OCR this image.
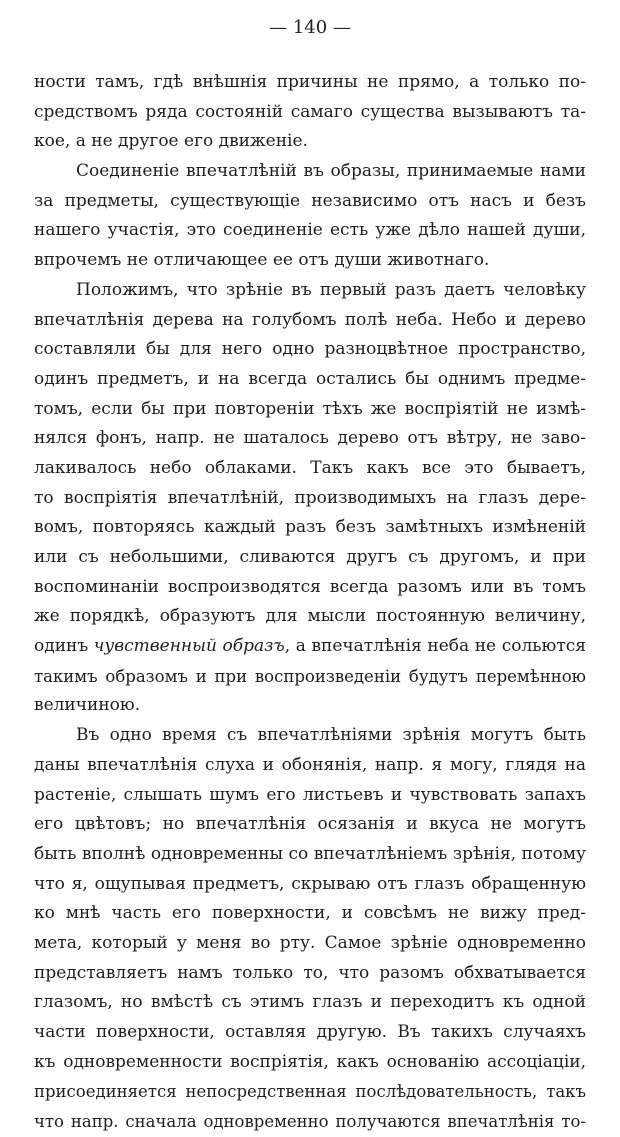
— 140 —
ности тамъ, гдѣ внѣшнія причины не прямо, а только по-
средствомъ ряда состояній самаго существа вызываютъ та-
кое, а не другое его движеніе.
Соединеніе впечатлѣній въ образы, принимаемые нами
за предметы, существующіе независимо отъ насъ и безъ
нашего участія, это соединеніе есть уже дѣло нашей души,
впрочемъ не отличающее ее отъ души животнаго.
Положимъ, что зрѣніе въ первый разъ даетъ человѣку
впечатлѣнія дерева на голубомъ полѣ неба. Небо и дерево
составляли бы для него одно разноцвѣтное пространство,
одинъ предметъ, и на всегда остались бы однимъ предме-
томъ, если бы при повтореніи тѣхъ же воспріятій не измѣ-
нялся фонъ, напр. не шаталось дерево отъ вѣтру, не заво-
лакивалось небо облаками. Такъ какъ все это бываетъ,
то воспріятія впечатлѣній, производимыхъ на глазъ дере-
вомъ, повторяясь каждый разъ безъ замѣтныхъ измѣненій
или съ небольшими, сливаются другъ съ другомъ, и при
воспоминаніи воспроизводятся всегда разомъ или въ томъ
же порядкѣ, образуютъ для мысли постоянную величину,
одинъ чувственный образъ, а впечатлѣнія неба не сольются
такимъ образомъ и при воспроизведеніи будутъ перемѣнною
величиною.
Въ одно время съ впечатлѣніями зрѣнія могутъ быть
даны впечатлѣнія слуха и обонянія, напр. я могу, глядя на
растеніе, слышать шумъ его листьевъ и чувствовать запахъ
его цвѣтовъ; но впечатлѣнія осязанія и вкуса не могутъ
быть вполнѣ одновременны со впечатлѣніемъ зрѣнія, потому
что я, ощупывая предметъ, скрываю отъ глазъ обращенную
ко мнѣ часть его поверхности, и совсѣмъ не вижу пред-
мета, который у меня во рту. Самое зрѣніе одновременно
представляетъ намъ только то, что разомъ обхватывается
глазомъ, но вмѣстѣ съ этимъ глазъ и переходитъ къ одной
части поверхности, оставляя другую. Въ такихъ случаяхъ
къ одновременности воспріятія, какъ основанію ассоціаціи,
присоединяется непосредственная послѣдовательность, такъ
что напр. сначала одновременно получаются впечатлѣнія то-
